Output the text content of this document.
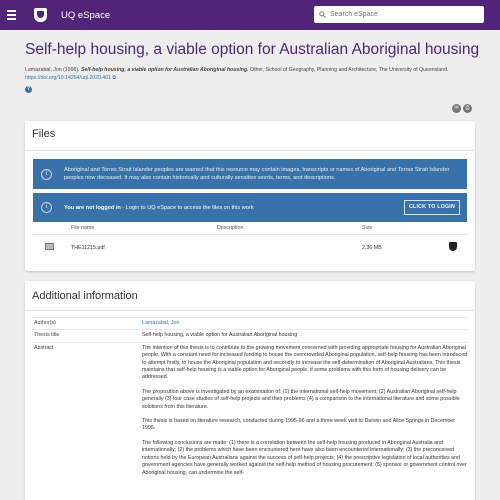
UQ eSpace
Search eSpace
Self-help housing, a viable option for Australian Aboriginal housing
Lamazabal, Jon (1996). Self-help housing, a viable option for Australian Aboriginal housing. Other, School of Geography, Planning and Architecture, The University of Queensland.
https://doi.org/10.14264/uql.2020.401 ⧉
?
✉	⎙
Files
i
Aboriginal and Torres Strait Islander peoples are warned that this resource may contain images, transcripts or names of Aboriginal and Torres Strait Islander peoples now deceased. It may also contain historically and culturally sensitive words, terms, and descriptions.
i	You are not logged in - Login to UQ eSpace to access the files on this work	CLICK TO LOGIN
File name	Description	Size
THE11215.pdf	2.36 MB
Additional information
Author(s)	Lamazabal, Jon
Thesis title	Self-help housing, a viable option for Australian Aboriginal housing
Abstract	The intention of this thesis is to contribute to the growing movement concerned with providing appropriate housing for Australian Aboriginal people. With a constant need for increased funding to house the overcrowded Aboriginal population, self-help housing has been introduced to attempt firstly, to house the Aboriginal population and secondly to increase the self-determination of Aboriginal Australians. This thesis maintains that self-help housing is a viable option for Aboriginal people, if some problems with this form of housing delivery can be addressed.

The proposition above is investigated by an examination of: (1) the international self-help movement; (2) Australian Aboriginal self-help generally (3) four case studies of self-help projects and their problems (4) a comparison to the international literature and some possible solutions from this literature.

This thesis is based on literature research, conducted during 1995-96 and a three week visit to Darwin and Alice Springs in December 1995.

The following conclusions are made: (1) there is a correlation between the self-help housing produced in Aboriginal Australia and internationally; (2) the problems which have been encountered here have also been encountered internationally; (3) the preconceived notions held by the European Australians against the success of self-help projects; (4) the prescriptive legislation of local authorities and government agencies have generally worked against the self-help method of housing procurement; (5) sponsor or government control over Aboriginal housing, can undermine the self-
